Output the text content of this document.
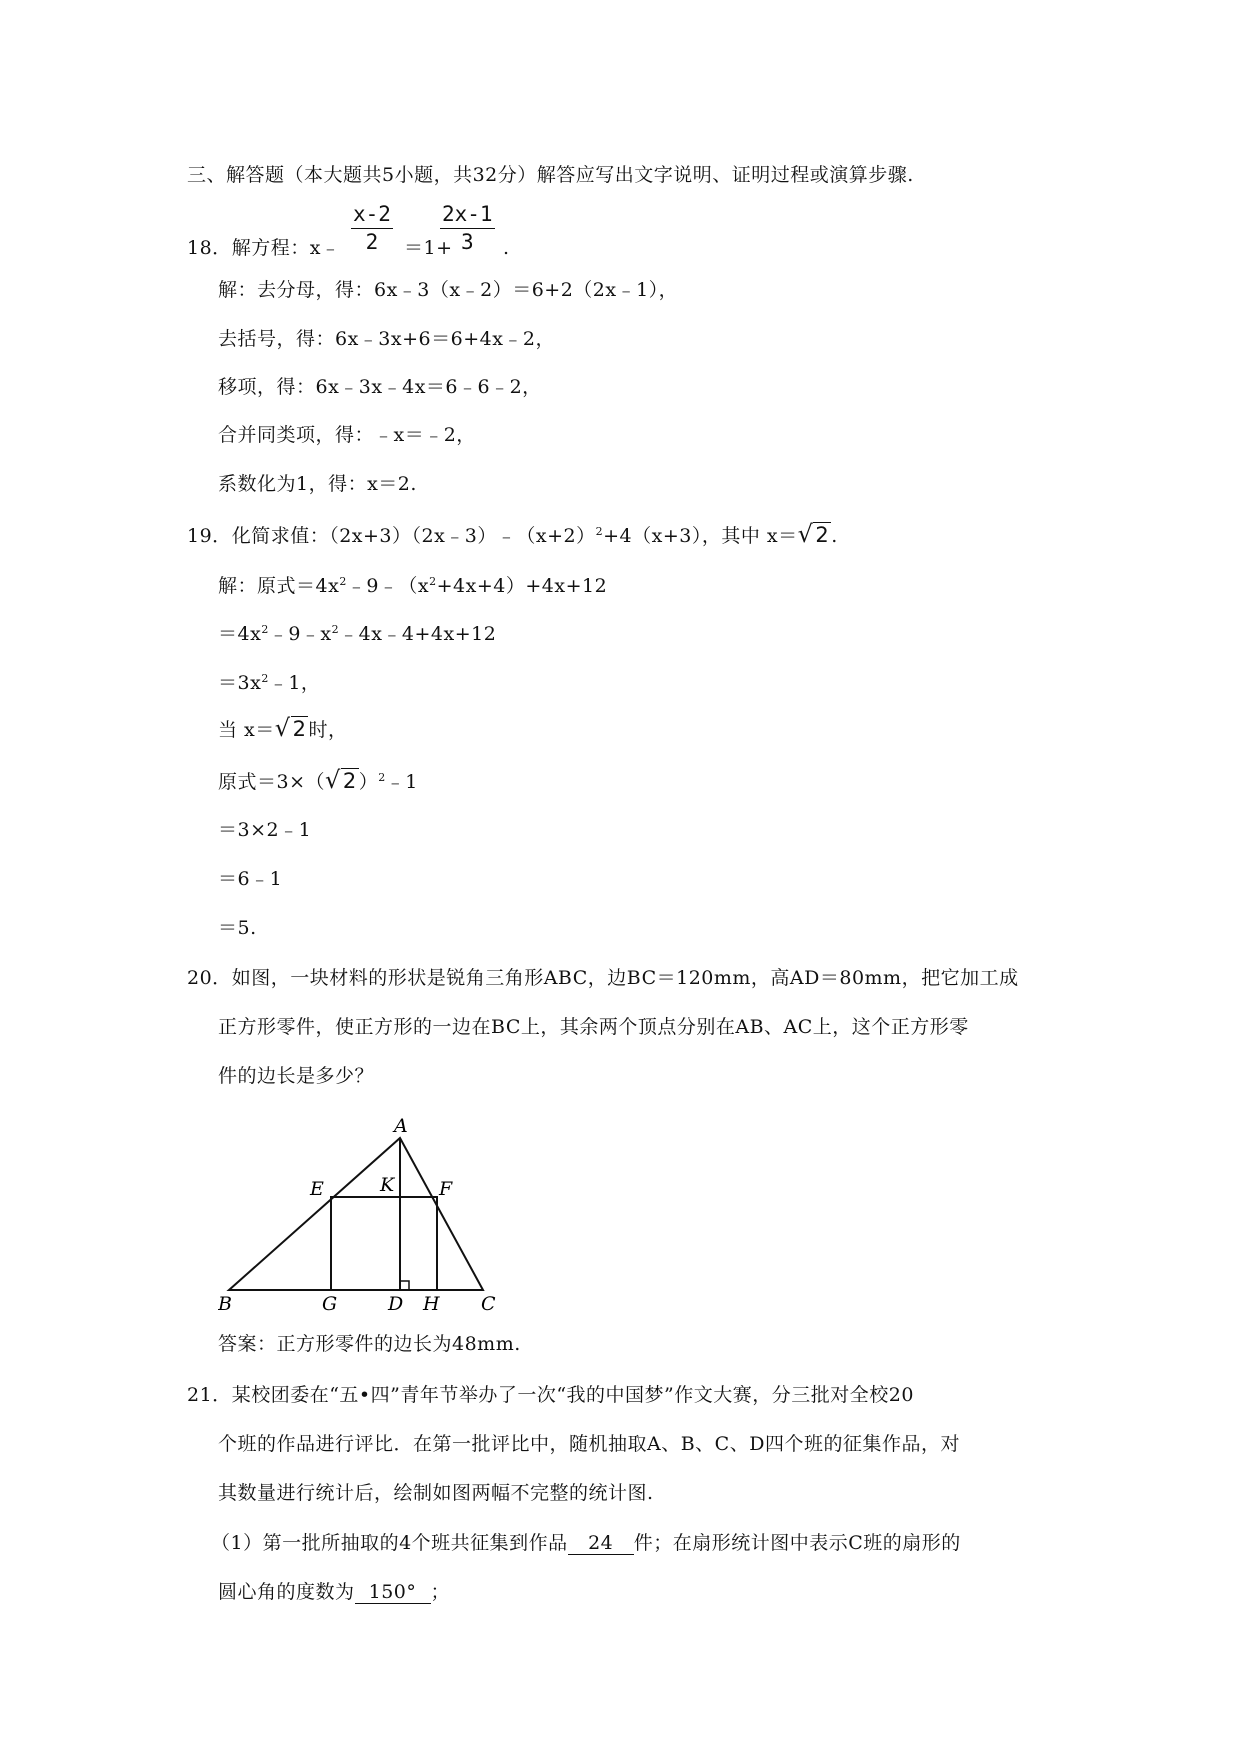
三、解答题（本大题共5小题，共32分）解答应写出文字说明、证明过程或演算步骤.
18．解方程：x﹣ $\frac{x-2}{2} =1+$
$\frac{2x-1}{3}$ .
解：去分母，得：6x﹣3（x﹣2）＝6+2（2x﹣1），
去括号，得：6x﹣3x+6＝6+4x﹣2，
移项，得：6x﹣3x﹣4x＝6﹣6﹣2，
合并同类项，得：﹣x＝﹣2，
系数化为1，得：x＝2.
19．化简求值：$(2x+3)(2x﹣3)﹣(x+2)^2+4(x+3)$，其中 x＝√2 .
解：原式$=4x^2﹣9﹣(x^2+4x+4)+4x+12$
$=4x^2﹣9﹣x^2﹣4x﹣4+4x+12$
$=3x^2﹣1$，
当 x＝√2 时，
原式＝3×（√2 ）$^2$﹣1
＝3×2﹣1
＝6﹣1
＝5.
20．如图，一块材料的形状是锐角三角形ABC，边BC＝120mm，高AD＝80mm，把它加工成
正方形零件，使正方形的一边在BC上，其余两个顶点分别在AB、AC上，这个正方形零
件的边长是多少？
A
B	C
D
E	F
G	H
K
答案：正方形零件的边长为48mm.
21．某校团委在“五•四”青年节举办了一次“我的中国梦”作文大赛，分三批对全校20
个班的作品进行评比．在第一批评比中，随机抽取A、B、C、D四个班的征集作品，对
其数量进行统计后，绘制如图两幅不完整的统计图.
（1）第一批所抽取的4个班共征集到作品 24 件；在扇形统计图中表示C班的扇形的
圆心角的度数为 150° ；
